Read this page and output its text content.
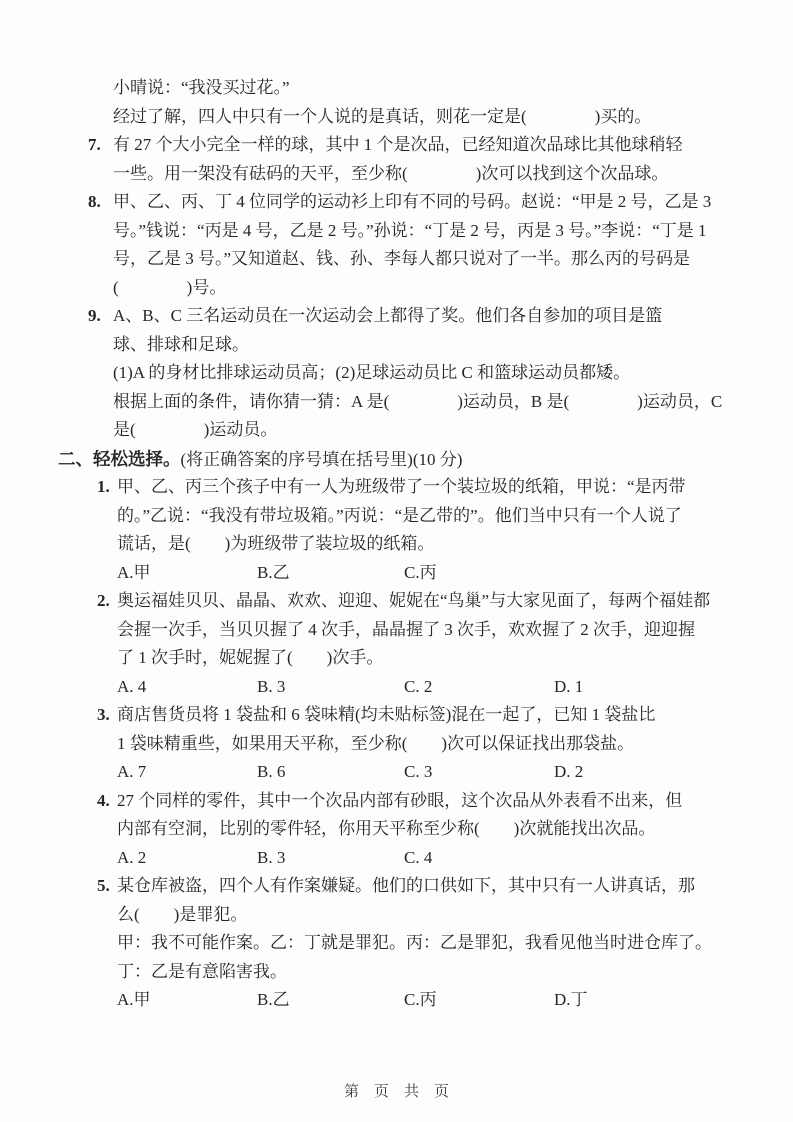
小晴说：“我没买过花。”
经过了解，四人中只有一个人说的是真话，则花一定是(　　　　)买的。
7. 有 27 个大小完全一样的球，其中 1 个是次品，已经知道次品球比其他球稍轻
一些。用一架没有砝码的天平，至少称(　　　　)次可以找到这个次品球。
8. 甲、乙、丙、丁 4 位同学的运动衫上印有不同的号码。赵说：“甲是 2 号，乙是 3
号。”钱说：“丙是 4 号，乙是 2 号。”孙说：“丁是 2 号，丙是 3 号。”李说：“丁是 1
号，乙是 3 号。”又知道赵、钱、孙、李每人都只说对了一半。那么丙的号码是
(　　　　)号。
9. A、B、C 三名运动员在一次运动会上都得了奖。他们各自参加的项目是篮
球、排球和足球。
(1)A 的身材比排球运动员高；(2)足球运动员比 C 和篮球运动员都矮。
根据上面的条件，请你猜一猜：A 是(　　　　)运动员，B 是(　　　　)运动员，C
是(　　　　)运动员。
二、轻松选择。(将正确答案的序号填在括号里)(10 分)
1. 甲、乙、丙三个孩子中有一人为班级带了一个装垃圾的纸箱，甲说：“是丙带
的。”乙说：“我没有带垃圾箱。”丙说：“是乙带的”。他们当中只有一个人说了
谎话，是(　　)为班级带了装垃圾的纸箱。
A.甲	B.乙	C.丙
2. 奥运福娃贝贝、晶晶、欢欢、迎迎、妮妮在“鸟巢”与大家见面了，每两个福娃都
会握一次手，当贝贝握了 4 次手，晶晶握了 3 次手，欢欢握了 2 次手，迎迎握
了 1 次手时，妮妮握了(　　)次手。
A. 4	B. 3	C. 2	D. 1
3. 商店售货员将 1 袋盐和 6 袋味精(均未贴标签)混在一起了，已知 1 袋盐比
1 袋味精重些，如果用天平称，至少称(　　)次可以保证找出那袋盐。
A. 7	B. 6	C. 3	D. 2
4. 27 个同样的零件，其中一个次品内部有砂眼，这个次品从外表看不出来，但
内部有空洞，比别的零件轻，你用天平称至少称(　　)次就能找出次品。
A. 2	B. 3	C. 4
5. 某仓库被盗，四个人有作案嫌疑。他们的口供如下，其中只有一人讲真话，那
么(　　)是罪犯。
甲：我不可能作案。乙：丁就是罪犯。丙：乙是罪犯，我看见他当时进仓库了。
丁：乙是有意陷害我。
A.甲	B.乙	C.丙	D.丁
第　页　共　页
